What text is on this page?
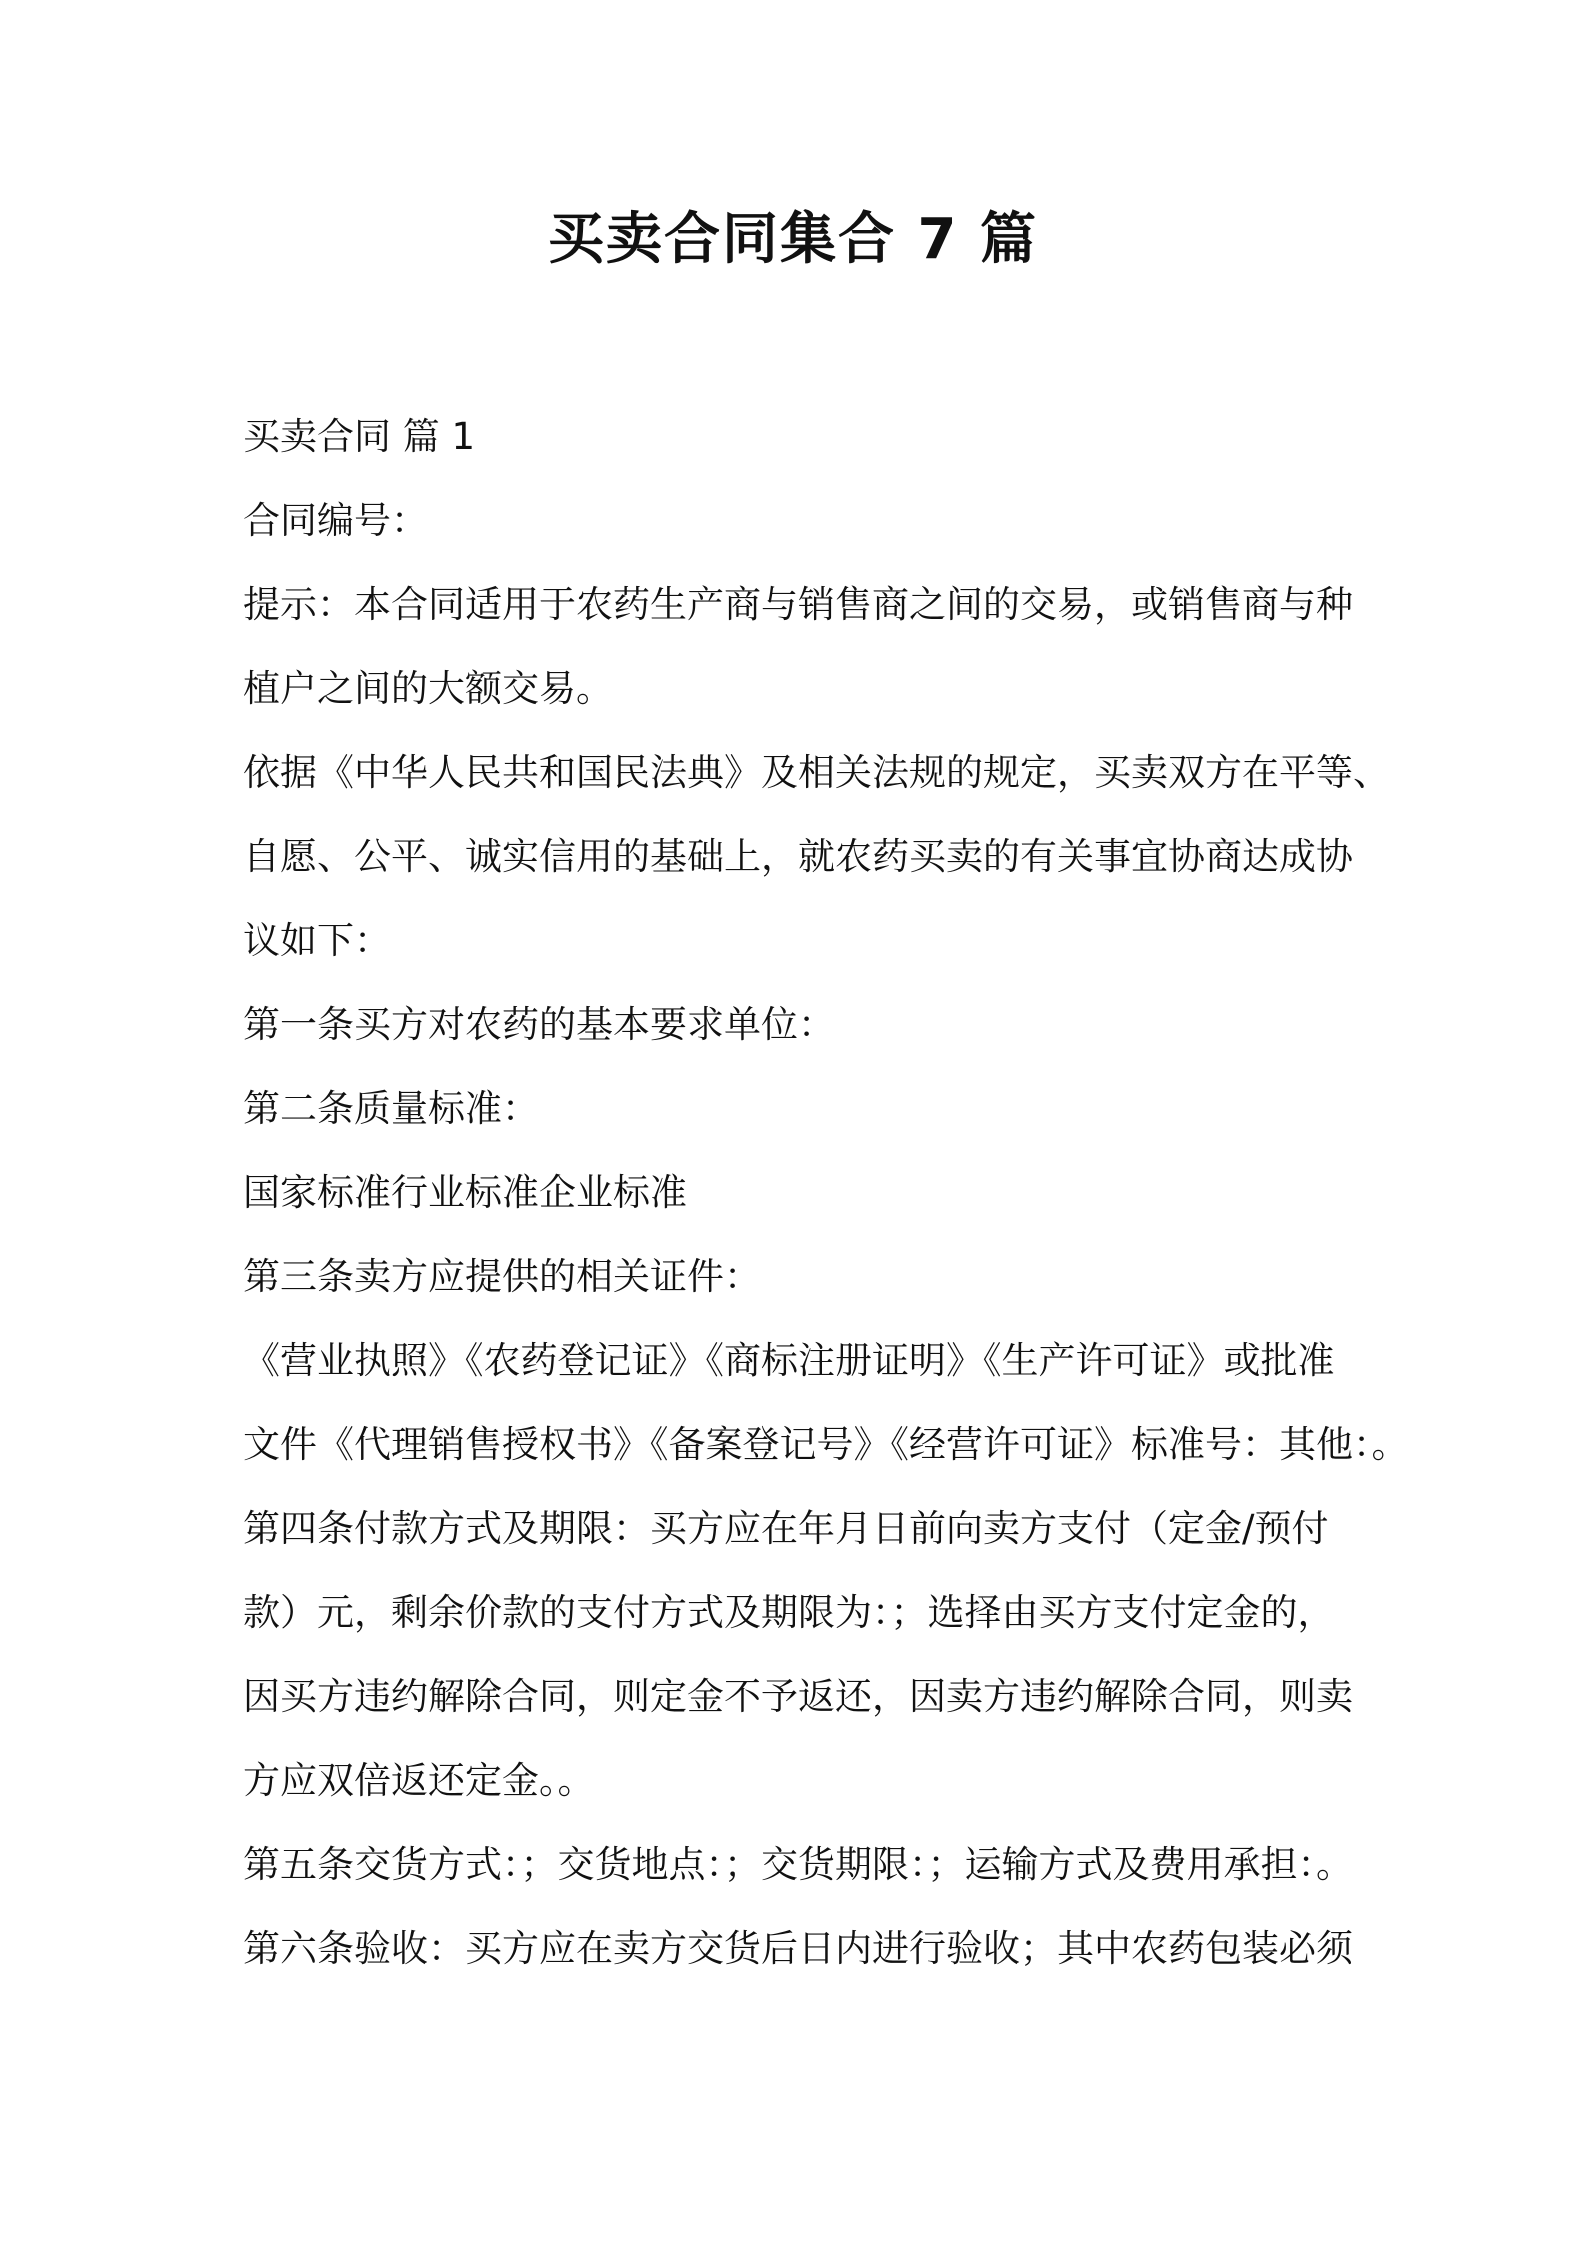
买卖合同集合 7 篇

买卖合同 篇 1

合同编号：

提示：本合同适用于农药生产商与销售商之间的交易，或销售商与种
植户之间的大额交易。

依据《中华人民共和国民法典》及相关法规的规定，买卖双方在平等、
自愿、公平、诚实信用的基础上，就农药买卖的有关事宜协商达成协
议如下：

第一条买方对农药的基本要求单位：

第二条质量标准：

国家标准行业标准企业标准

第三条卖方应提供的相关证件：

《营业执照》《农药登记证》《商标注册证明》《生产许可证》或批准
文件《代理销售授权书》《备案登记号》《经营许可证》标准号：其他：。

第四条付款方式及期限：买方应在年月日前向卖方支付（定金/预付
款）元，剩余价款的支付方式及期限为：；选择由买方支付定金的，
因买方违约解除合同，则定金不予返还，因卖方违约解除合同，则卖
方应双倍返还定金。。

第五条交货方式：；交货地点：；交货期限：；运输方式及费用承担：。

第六条验收：买方应在卖方交货后日内进行验收；其中农药包装必须
